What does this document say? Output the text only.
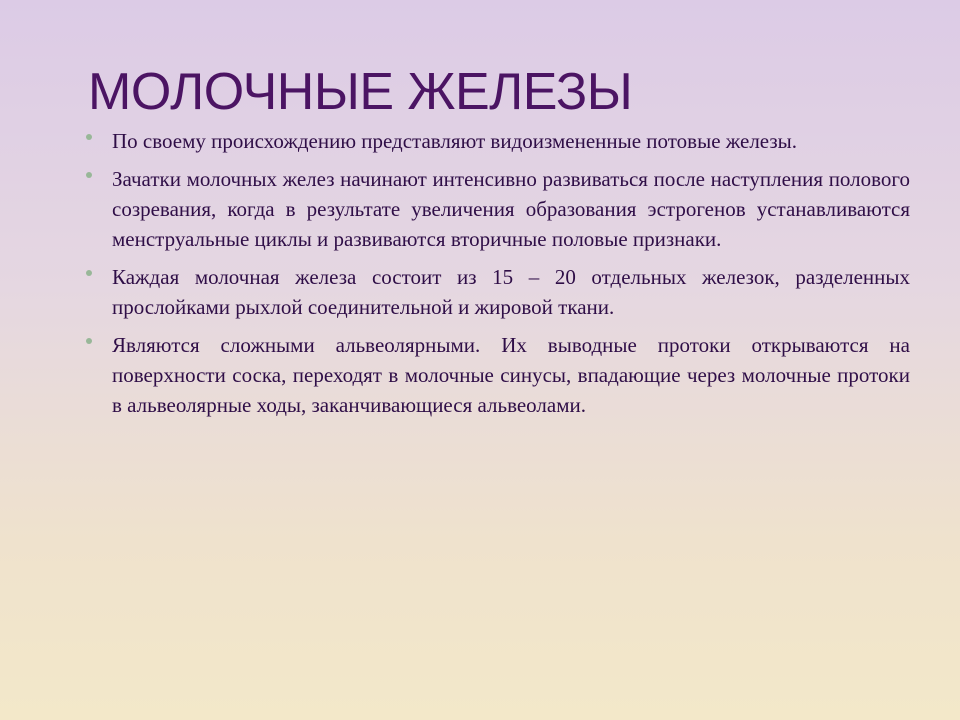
МОЛОЧНЫЕ ЖЕЛЕЗЫ
По своему происхождению представляют видоизмененные потовые железы.
Зачатки молочных желез начинают интенсивно развиваться после наступления полового созревания, когда в результате увеличения образования эстрогенов устанавливаются менструальные циклы и развиваются вторичные половые признаки.
Каждая молочная железа состоит из 15 – 20 отдельных железок, разделенных прослойками рыхлой соединительной и жировой ткани.
Являются сложными альвеолярными. Их выводные протоки открываются на поверхности соска, переходят в молочные синусы, впадающие через молочные протоки в альвеолярные ходы, заканчивающиеся альвеолами.
